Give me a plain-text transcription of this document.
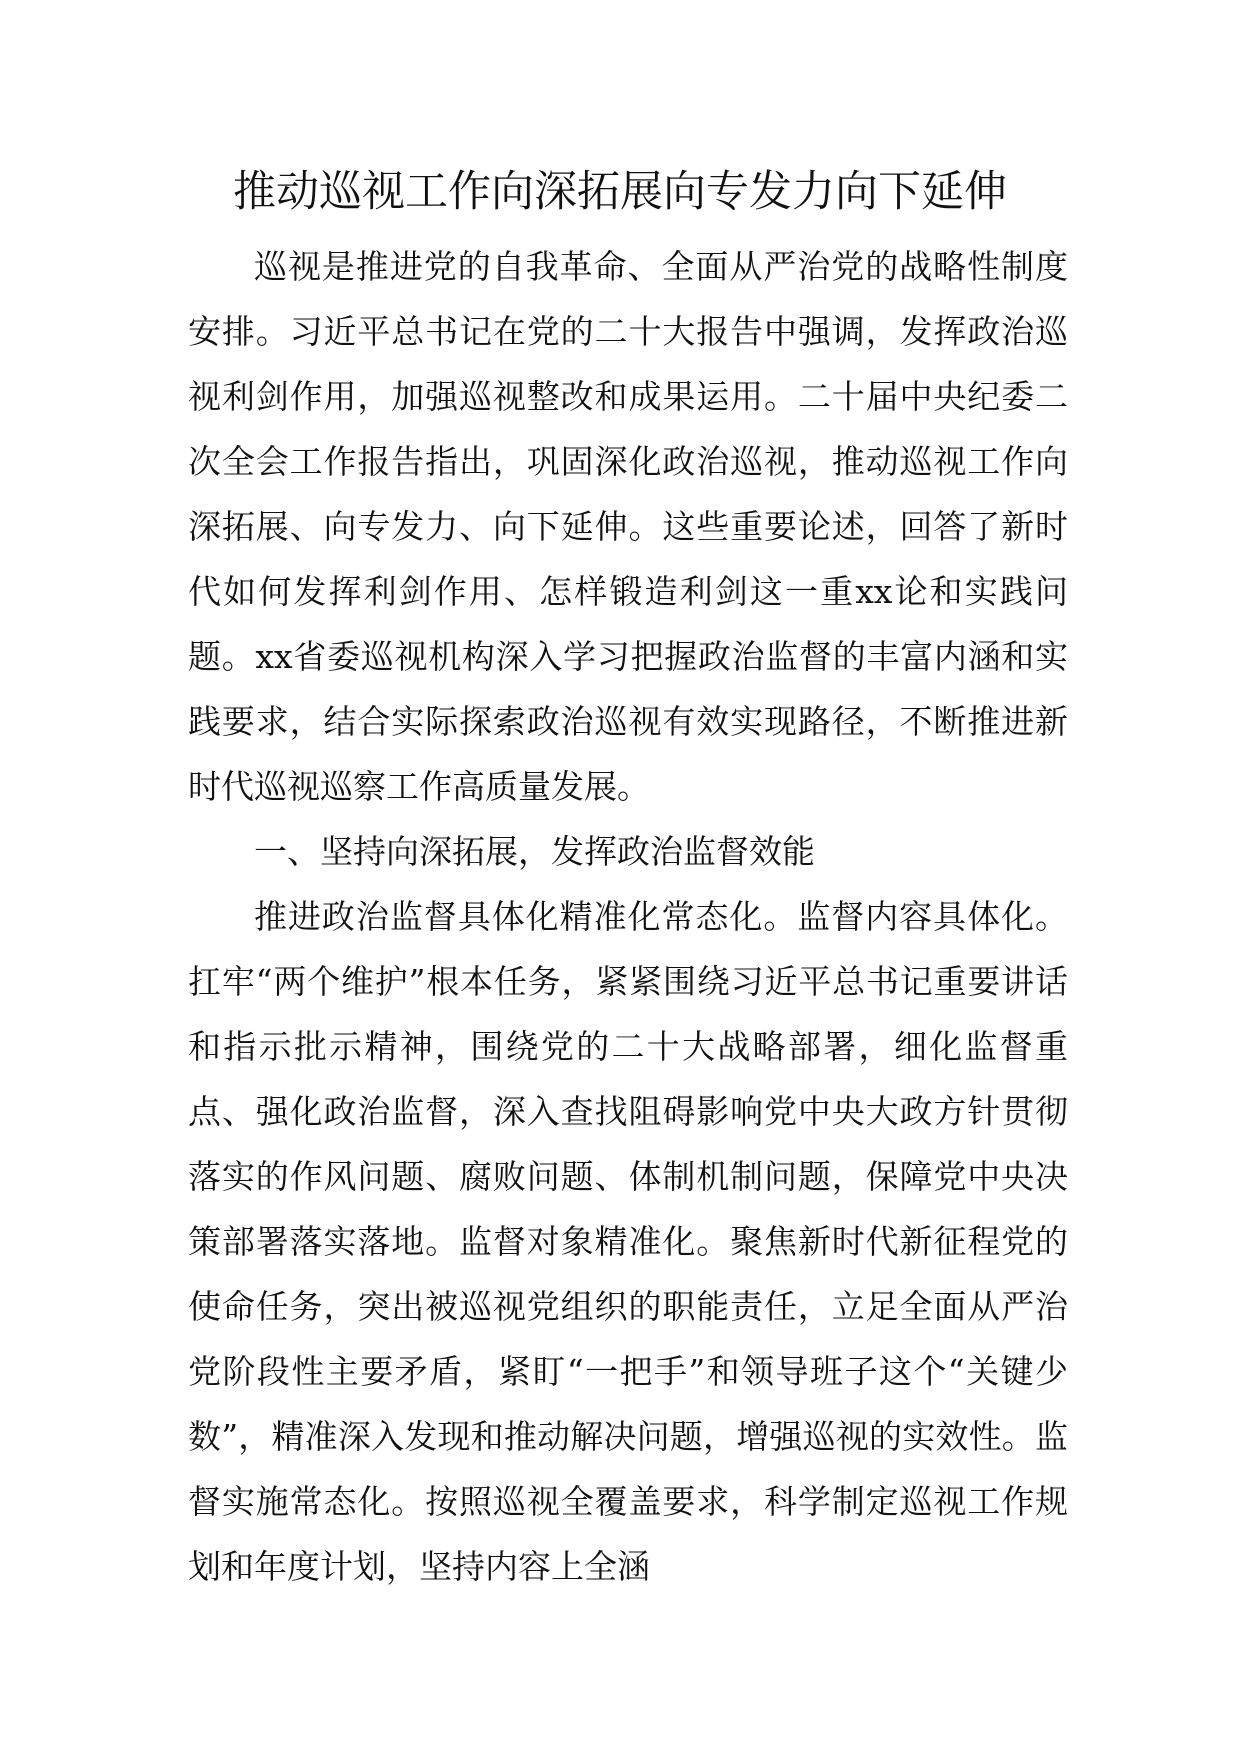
推动巡视工作向深拓展向专发力向下延伸

巡视是推进党的自我革命、全面从严治党的战略性制度安排。习近平总书记在党的二十大报告中强调，发挥政治巡视利剑作用，加强巡视整改和成果运用。二十届中央纪委二次全会工作报告指出，巩固深化政治巡视，推动巡视工作向深拓展、向专发力、向下延伸。这些重要论述，回答了新时代如何发挥利剑作用、怎样锻造利剑这一重xx论和实践问题。xx省委巡视机构深入学习把握政治监督的丰富内涵和实践要求，结合实际探索政治巡视有效实现路径，不断推进新时代巡视巡察工作高质量发展。

一、坚持向深拓展，发挥政治监督效能

推进政治监督具体化精准化常态化。监督内容具体化。扛牢“两个维护”根本任务，紧紧围绕习近平总书记重要讲话和指示批示精神，围绕党的二十大战略部署，细化监督重点、强化政治监督，深入查找阻碍影响党中央大政方针贯彻落实的作风问题、腐败问题、体制机制问题，保障党中央决策部署落实落地。监督对象精准化。聚焦新时代新征程党的使命任务，突出被巡视党组织的职能责任，立足全面从严治党阶段性主要矛盾，紧盯“一把手”和领导班子这个“关键少数”，精准深入发现和推动解决问题，增强巡视的实效性。监督实施常态化。按照巡视全覆盖要求，科学制定巡视工作规划和年度计划，坚持内容上全涵
